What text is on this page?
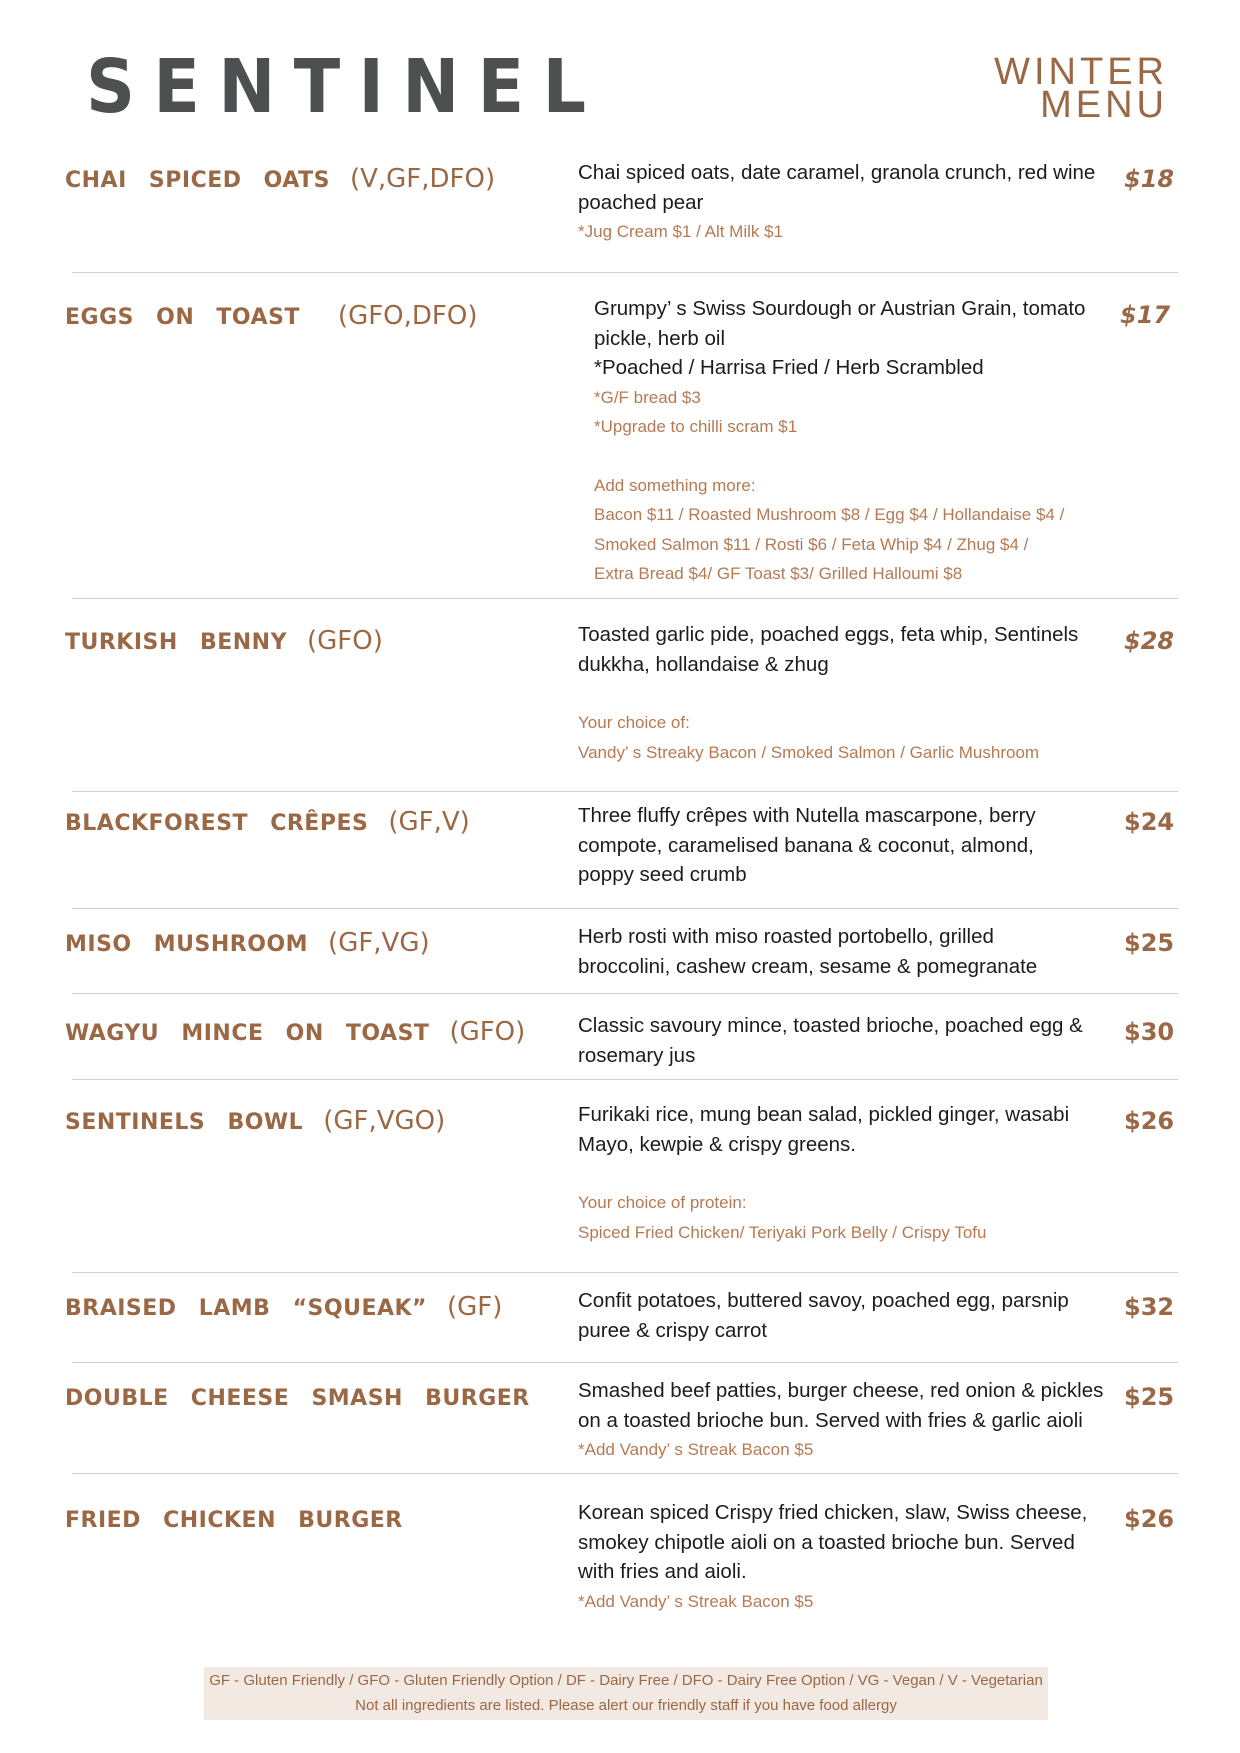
SENTINEL	WINTER
MENU
CHAI SPICED OATS (V,GF,DFO)	Chai spiced oats, date caramel, granola crunch, red wine
poached pear
*Jug Cream $1 / Alt Milk $1
$18
EGGS ON TOAST (GFO,DFO)	Grumpy’ s Swiss Sourdough or Austrian Grain, tomato
pickle, herb oil
*Poached / Harrisa Fried / Herb Scrambled
*G/F bread $3
*Upgrade to chilli scram $1
Add something more:
Bacon $11 / Roasted Mushroom $8 / Egg $4 / Hollandaise $4 /
Smoked Salmon $11 / Rosti $6 / Feta Whip $4 / Zhug $4 /
Extra Bread $4/ GF Toast $3/ Grilled Halloumi $8
$17
TURKISH BENNY (GFO)	Toasted garlic pide, poached eggs, feta whip, Sentinels
dukkha, hollandaise & zhug
Your choice of:
Vandy’ s Streaky Bacon / Smoked Salmon / Garlic Mushroom
$28
BLACKFOREST CRÊPES (GF,V)	Three fluffy crêpes with Nutella mascarpone, berry
compote, caramelised banana & coconut, almond,
poppy seed crumb
$24
MISO MUSHROOM (GF,VG)	Herb rosti with miso roasted portobello, grilled
broccolini, cashew cream, sesame & pomegranate
$25
WAGYU MINCE ON TOAST (GFO)	Classic savoury mince, toasted brioche, poached egg &
rosemary jus
$30
SENTINELS BOWL (GF,VGO)	Furikaki rice, mung bean salad, pickled ginger, wasabi
Mayo, kewpie & crispy greens.
Your choice of protein:
Spiced Fried Chicken/ Teriyaki Pork Belly / Crispy Tofu
$26
BRAISED LAMB “SQUEAK” (GF)	Confit potatoes, buttered savoy, poached egg, parsnip
puree & crispy carrot
$32
DOUBLE CHEESE SMASH BURGER	Smashed beef patties, burger cheese, red onion & pickles
on a toasted brioche bun. Served with fries & garlic aioli
*Add Vandy’ s Streak Bacon $5
$25
FRIED CHICKEN BURGER	Korean spiced Crispy fried chicken, slaw, Swiss cheese,
smokey chipotle aioli on a toasted brioche bun. Served
with fries and aioli.
*Add Vandy’ s Streak Bacon $5
$26
GF - Gluten Friendly / GFO - Gluten Friendly Option / DF - Dairy Free / DFO - Dairy Free Option / VG - Vegan / V - Vegetarian
Not all ingredients are listed. Please alert our friendly staff if you have food allergy
